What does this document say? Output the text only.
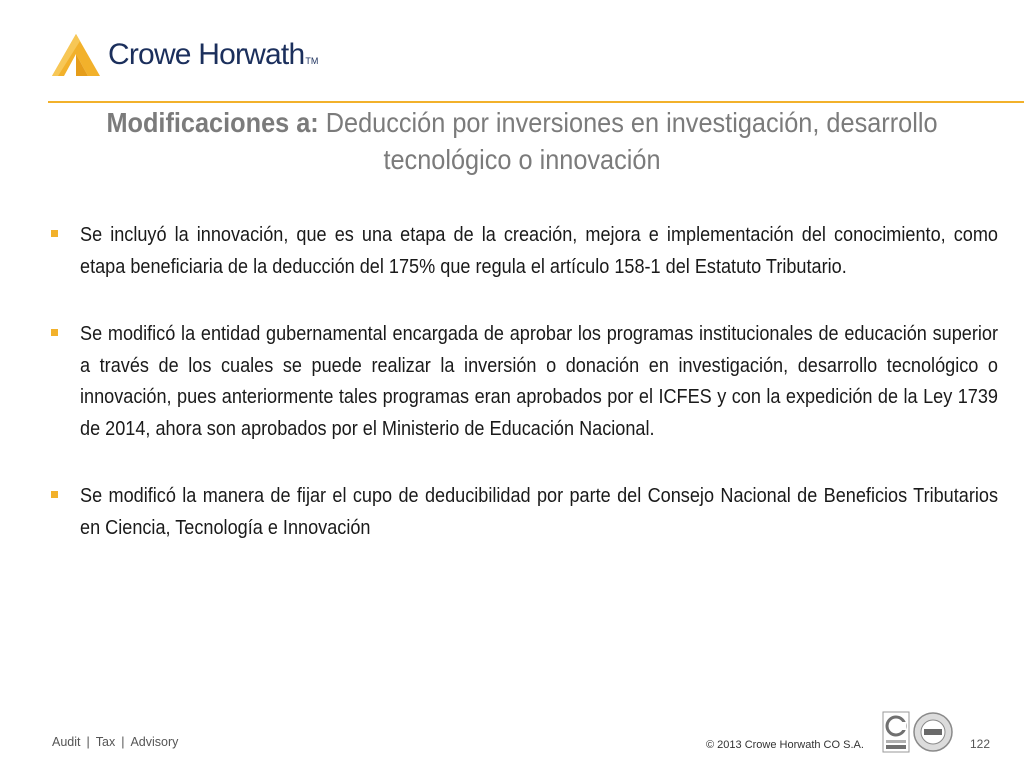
Crowe HorwathTM
Modificaciones a: Deducción por inversiones en investigación, desarrollo tecnológico o innovación
Se incluyó la innovación, que es una etapa de la creación, mejora e implementación del conocimiento, como etapa beneficiaria de la deducción del 175% que regula el artículo 158-1 del Estatuto Tributario.
Se modificó la entidad gubernamental encargada de aprobar los programas institucionales de educación superior a través de los cuales se puede realizar la inversión o donación en investigación, desarrollo tecnológico o innovación, pues anteriormente tales programas eran aprobados por el ICFES y con la expedición de la Ley 1739 de 2014, ahora son aprobados por el Ministerio de Educación Nacional.
Se modificó la manera de fijar el cupo de deducibilidad por parte del Consejo Nacional de Beneficios Tributarios en Ciencia, Tecnología e Innovación
Audit | Tax | Advisory	© 2013 Crowe Horwath CO S.A.	122
